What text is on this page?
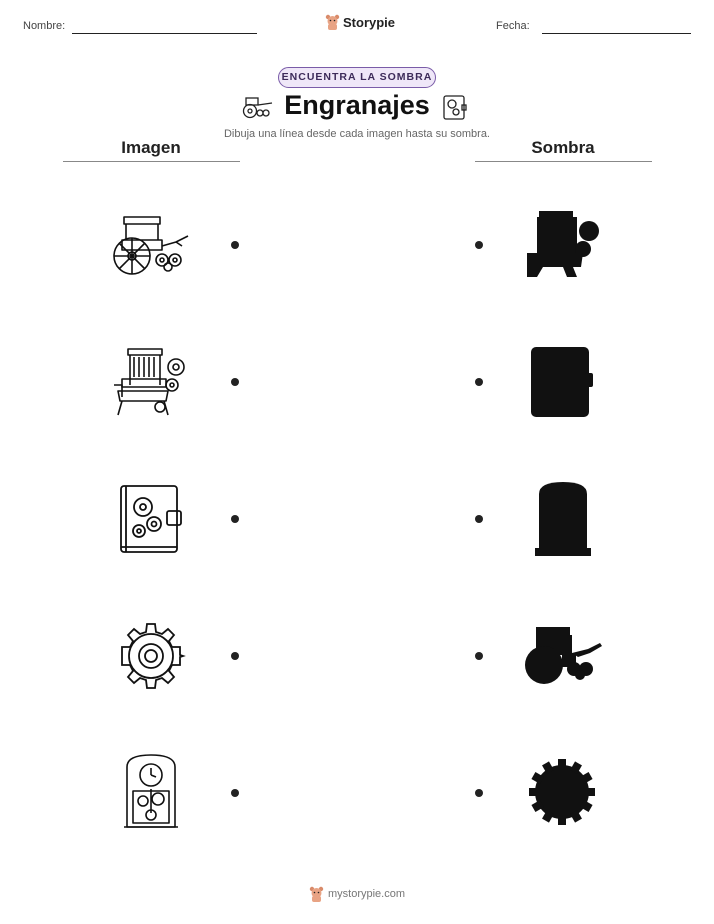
Nombre:	Storypie	Fecha:
ENCUENTRA LA SOMBRA
Engranajes
Dibuja una línea desde cada imagen hasta su sombra.
Imagen	Sombra
mystorypie.com
